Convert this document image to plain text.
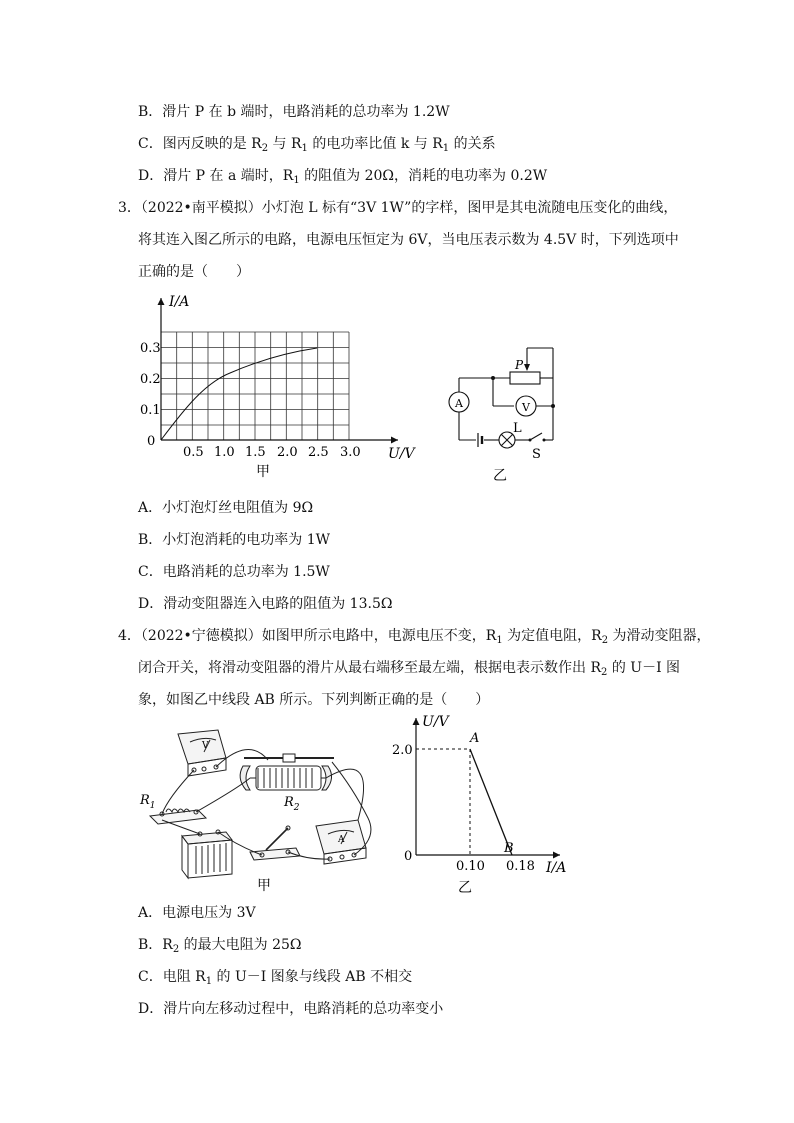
B．滑片 P 在 b 端时，电路消耗的总功率为 1.2W
C．图丙反映的是 $R_2$ 与 $R_1$ 的电功率比值 k 与 $R_1$ 的关系
D．滑片 P 在 a 端时，$R_1$ 的阻值为 20Ω，消耗的电功率为 0.2W
3．（2022•南平模拟）小灯泡 L 标有“3V 1W”的字样，图甲是其电流随电压变化的曲线，
将其连入图乙所示的电路，电源电压恒定为 6V，当电压表示数为 4.5V 时，下列选项中
正确的是（　　）
I/A
U/V
0
0.1
0.2
0.3
0.5 1.0 1.5 2.0 2.5 3.0
甲
P
A	V
L
S
乙
A．小灯泡灯丝电阻值为 9Ω
B．小灯泡消耗的电功率为 1W
C．电路消耗的总功率为 1.5W
D．滑动变阻器连入电路的阻值为 13.5Ω
4．（2022•宁德模拟）如图甲所示电路中，电源电压不变，$R_1$ 为定值电阻，$R_2$ 为滑动变阻器，
闭合开关，将滑动变阻器的滑片从最右端移至最左端，根据电表示数作出 $R_2$ 的 U－I 图
象，如图乙中线段 AB 所示。下列判断正确的是（　　）
V
A
$R_1$	$R_2$
甲
U/V
I/A
2.0
0
0.10 0.18
A
B
乙
A．电源电压为 3V
B．$R_2$ 的最大电阻为 25Ω
C．电阻 $R_1$ 的 U－I 图象与线段 AB 不相交
D．滑片向左移动过程中，电路消耗的总功率变小
